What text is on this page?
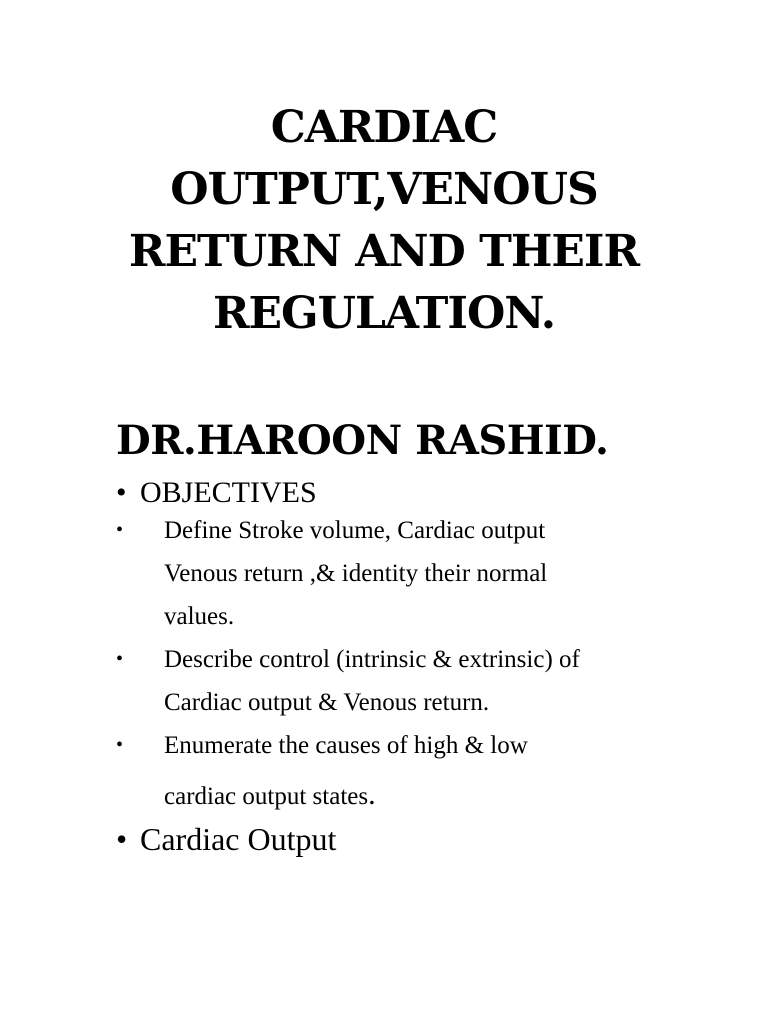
CARDIAC
OUTPUT,VENOUS
RETURN AND THEIR
REGULATION.
DR.HAROON RASHID.
• OBJECTIVES
• Define Stroke volume, Cardiac output
Venous return ,& identity their normal
values.
• Describe control (intrinsic & extrinsic) of
Cardiac output & Venous return.
• Enumerate the causes of high & low
cardiac output states.
• Cardiac Output
